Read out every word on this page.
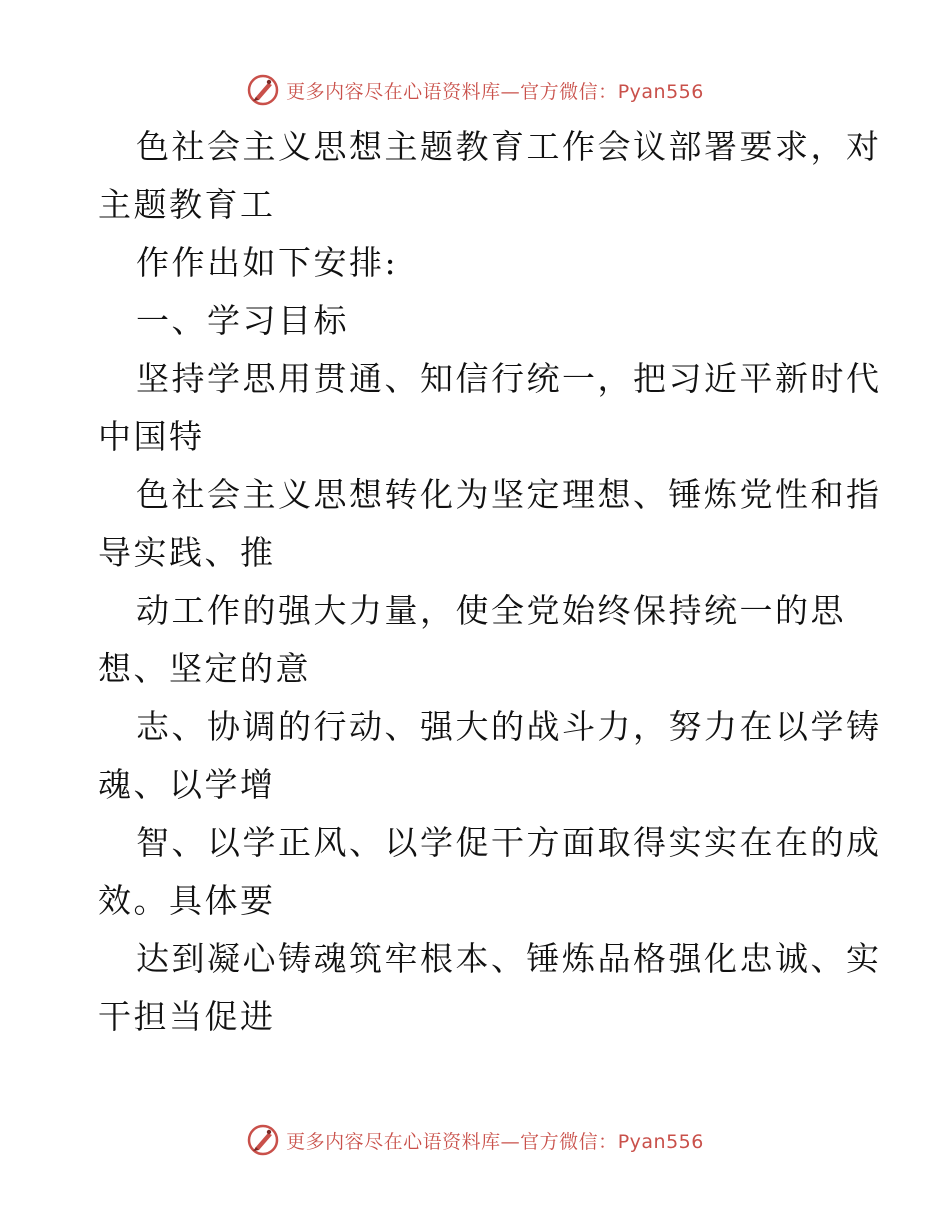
更多内容尽在心语资料库—官方微信：Pyan556
色社会主义思想主题教育工作会议部署要求，对
主题教育工
作作出如下安排:
一、学习目标
坚持学思用贯通、知信行统一，把习近平新时代
中国特
色社会主义思想转化为坚定理想、锤炼党性和指
导实践、推
动工作的强大力量，使全党始终保持统一的思
想、坚定的意
志、协调的行动、强大的战斗力，努力在以学铸
魂、以学增
智、以学正风、以学促干方面取得实实在在的成
效。具体要
达到凝心铸魂筑牢根本、锤炼品格强化忠诚、实
干担当促进
更多内容尽在心语资料库—官方微信：Pyan556
